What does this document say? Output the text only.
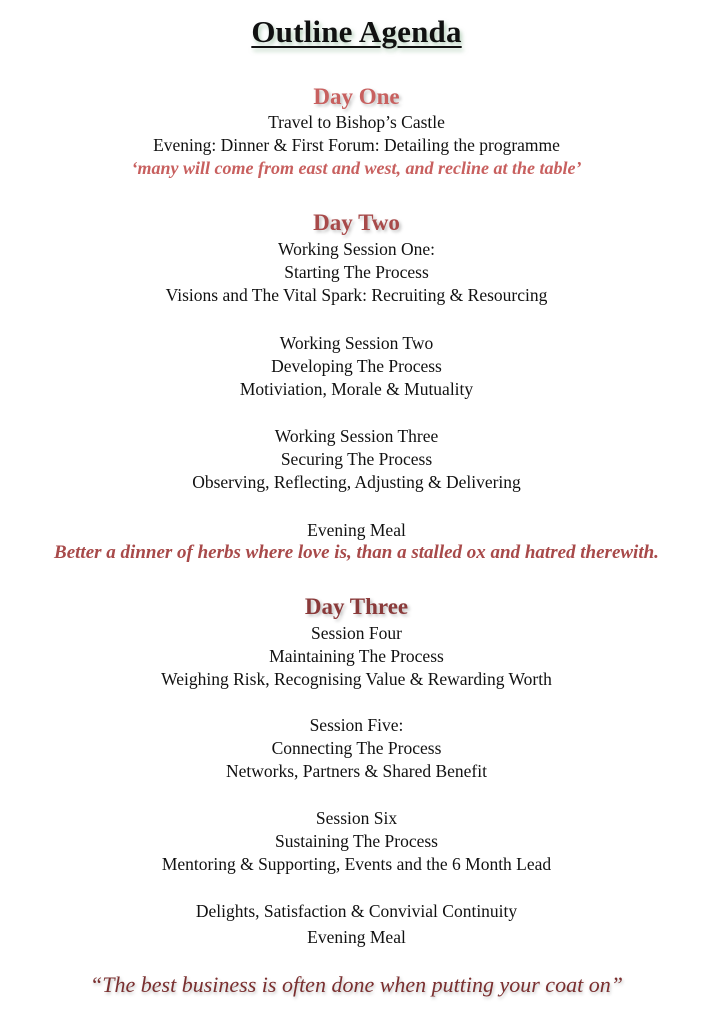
Outline Agenda
Day One
Travel to Bishop’s Castle
Evening: Dinner & First Forum: Detailing the programme
‘many will come from east and west, and recline at the table’
Day Two
Working Session One:
Starting The Process
Visions and The Vital Spark: Recruiting & Resourcing
Working Session Two
Developing The Process
Motiviation, Morale & Mutuality
Working Session Three
Securing The Process
Observing, Reflecting, Adjusting & Delivering
Evening Meal
Better a dinner of herbs where love is, than a stalled ox and hatred therewith.
Day Three
Session Four
Maintaining The Process
Weighing Risk, Recognising Value & Rewarding Worth
Session Five:
Connecting The Process
Networks, Partners & Shared Benefit
Session Six
Sustaining The Process
Mentoring & Supporting, Events and the 6 Month Lead
Delights, Satisfaction & Convivial Continuity
Evening Meal
“The best business is often done when putting your coat on”
